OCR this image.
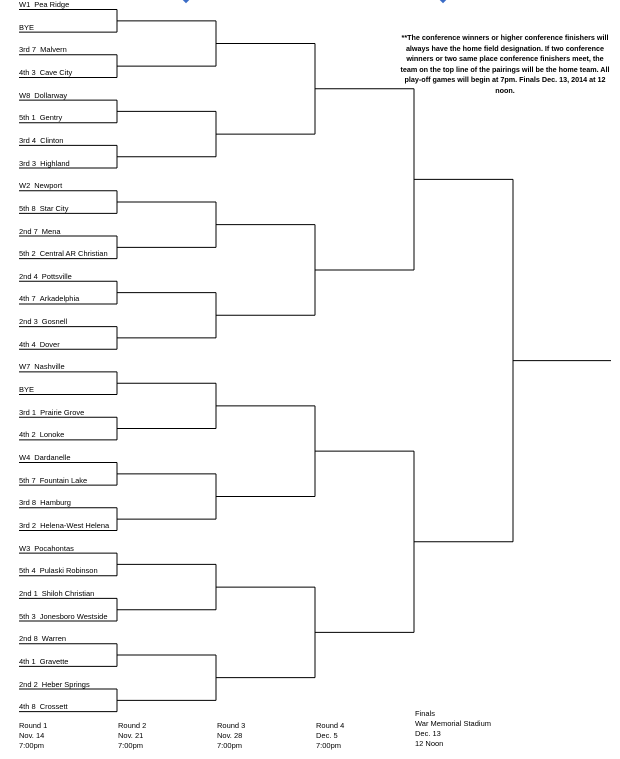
W1 Pea Ridge
BYE
3rd 7 Malvern
4th 3 Cave City
W8 Dollarway
5th 1 Gentry
3rd 4 Clinton
3rd 3 Highland
W2 Newport
5th 8 Star City
2nd 7 Mena
5th 2 Central AR Christian
2nd 4 Pottsville
4th 7 Arkadelphia
2nd 3 Gosnell
4th 4 Dover
W7 Nashville
BYE
3rd 1 Prairie Grove
4th 2 Lonoke
W4 Dardanelle
5th 7 Fountain Lake
3rd 8 Hamburg
3rd 2 Helena-West Helena
W3 Pocahontas
5th 4 Pulaski Robinson
2nd 1 Shiloh Christian
5th 3 Jonesboro Westside
2nd 8 Warren
4th 1 Gravette
2nd 2 Heber Springs
4th 8 Crossett
**The conference winners or higher conference finishers will always have the home field designation. If two conference winners or two same place conference finishers meet, the team on the top line of the pairings will be the home team. All play-off games will begin at 7pm. Finals Dec. 13, 2014 at 12 noon.
Round 1
Nov. 14
7:00pm
Round 2
Nov. 21
7:00pm
Round 3
Nov. 28
7:00pm
Round 4
Dec. 5
7:00pm
Finals
War Memorial Stadium
Dec. 13
12 Noon
